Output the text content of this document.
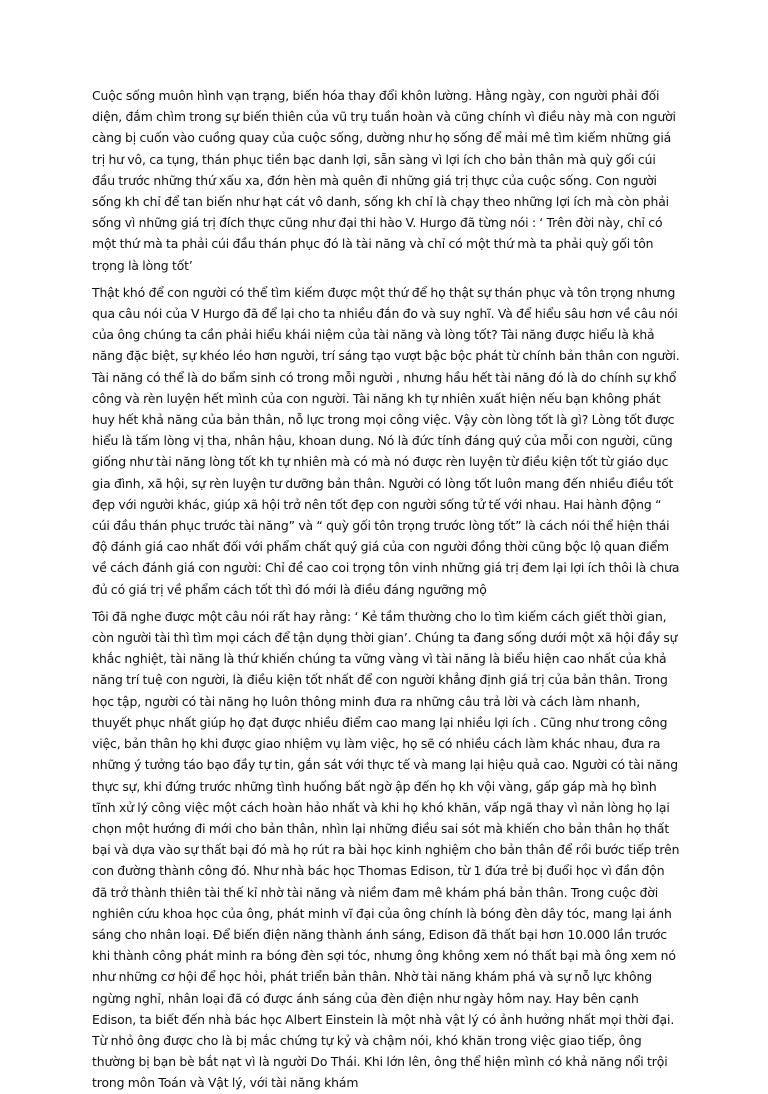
Cuộc sống muôn hình vạn trạng, biến hóa thay đổi khôn lường. Hằng ngày, con người phải đối diện, đắm chìm trong sự biến thiên của vũ trụ tuần hoàn và cũng chính vì điều này mà con người càng bị cuốn vào cuồng quay của cuộc sống, dường như họ sống để mải mê tìm kiếm những giá trị hư vô, ca tụng, thán phục tiền bạc danh lợi, sẵn sàng vì lợi ích cho bản thân mà quỳ gối cúi đầu trước những thứ xấu xa, đớn hèn mà quên đi những giá trị thực của cuộc sống. Con người sống kh chỉ để tan biến như hạt cát vô danh, sống kh chỉ là chạy theo những lợi ích mà còn phải sống vì những giá trị đích thực cũng như đại thi hào V. Hurgo đã từng nói : ‘ Trên đời này, chỉ có một thứ mà ta phải cúi đầu thán phục đó là tài năng và chỉ có một thứ mà ta phải quỳ gối tôn trọng là lòng tốt’

Thật khó để con người có thể tìm kiếm được một thứ để họ thật sự thán phục và tôn trọng nhưng qua câu nói của V Hurgo đã để lại cho ta nhiều đắn đo và suy nghĩ. Và để hiểu sâu hơn về câu nói của ông chúng ta cần phải hiểu khái niệm của tài năng và lòng tốt? Tài năng được hiểu là khả năng đặc biệt, sự khéo léo hơn người, trí sáng tạo vượt bậc bộc phát từ chính bản thân con người. Tài năng có thể là do bẩm sinh có trong mỗi người , nhưng hầu hết tài năng đó là do chính sự khổ công và rèn luyện hết mình của con người. Tài năng kh tự nhiên xuất hiện nếu bạn không phát huy hết khả năng của bản thân, nỗ lực trong mọi công việc. Vậy còn lòng tốt là gì? Lòng tốt được hiểu là tấm lòng vị tha, nhân hậu, khoan dung. Nó là đức tính đáng quý của mỗi con người, cũng giống như tài năng lòng tốt kh tự nhiên mà có mà nó được rèn luyện từ điều kiện tốt từ giáo dục gia đình, xã hội, sự rèn luyện tư dưỡng bản thân. Người có lòng tốt luôn mang đến nhiều điều tốt đẹp với người khác, giúp xã hội trở nên tốt đẹp con người sống tử tế với nhau. Hai hành động “ cúi đầu thán phục trước tài năng” và “ quỳ gối tôn trọng trước lòng tốt” là cách nói thể hiện thái độ đánh giá cao nhất đối với phẩm chất quý giá của con người đồng thời cũng bộc lộ quan điểm về cách đánh giá con người: Chỉ đề cao coi trọng tôn vinh những giá trị đem lại lợi ích thôi là chưa đủ có giá trị về phẩm cách tốt thì đó mới là điều đáng ngưỡng mộ

Tôi đã nghe được một câu nói rất hay rằng: ‘ Kẻ tầm thường cho lo tìm kiếm cách giết thời gian, còn người tài thì tìm mọi cách để tận dụng thời gian’. Chúng ta đang sống dưới một xã hội đầy sự khắc nghiệt, tài năng là thứ khiến chúng ta vững vàng vì tài năng là biểu hiện cao nhất của khả năng trí tuệ con người, là điều kiện tốt nhất để con người khẳng định giá trị của bản thân. Trong học tập, người có tài năng họ luôn thông minh đưa ra những câu trả lời và cách làm nhanh, thuyết phục nhất giúp họ đạt được nhiều điểm cao mang lại nhiều lợi ích . Cũng như trong công việc, bản thân họ khi được giao nhiệm vụ làm việc, họ sẽ có nhiều cách làm khác nhau, đưa ra những ý tưởng táo bạo đầy tự tin, gắn sát với thực tế và mang lại hiệu quả cao. Người có tài năng thực sự, khi đứng trước những tình huống bất ngờ ập đến họ kh vội vàng, gấp gáp mà họ bình tĩnh xử lý công việc một cách hoàn hảo nhất và khi họ khó khăn, vấp ngã thay vì nản lòng họ lại chọn một hướng đi mới cho bản thân, nhìn lại những điều sai sót mà khiến cho bản thân họ thất bại và dựa vào sự thất bại đó mà họ rút ra bài học kinh nghiệm cho bản thân để rồi bước tiếp trên con đường thành công đó. Như nhà bác học Thomas Edison, từ 1 đứa trẻ bị đuổi học vì đần độn đã trở thành thiên tài thế kỉ nhờ tài năng và niềm đam mê khám phá bản thân. Trong cuộc đời nghiên cứu khoa học của ông, phát minh vĩ đại của ông chính là bóng đèn dây tóc, mang lại ánh sáng cho nhân loại. Để biến điện năng thành ánh sáng, Edison đã thất bại hơn 10.000 lần trước khi thành công phát minh ra bóng đèn sợi tóc, nhưng ông không xem nó thất bại mà ông xem nó như những cơ hội để học hỏi, phát triển bản thân. Nhờ tài năng khám phá và sự nỗ lực không ngừng nghỉ, nhân loại đã có được ánh sáng của đèn điện như ngày hôm nay. Hay bên cạnh Edison, ta biết đến nhà bác học Albert Einstein là một nhà vật lý có ảnh hưởng nhất mọi thời đại. Từ nhỏ ông được cho là bị mắc chứng tự kỷ và chậm nói, khó khăn trong việc giao tiếp, ông thường bị bạn bè bắt nạt vì là người Do Thái. Khi lớn lên, ông thể hiện mình có khả năng nổi trội trong môn Toán và Vật lý, với tài năng khám
